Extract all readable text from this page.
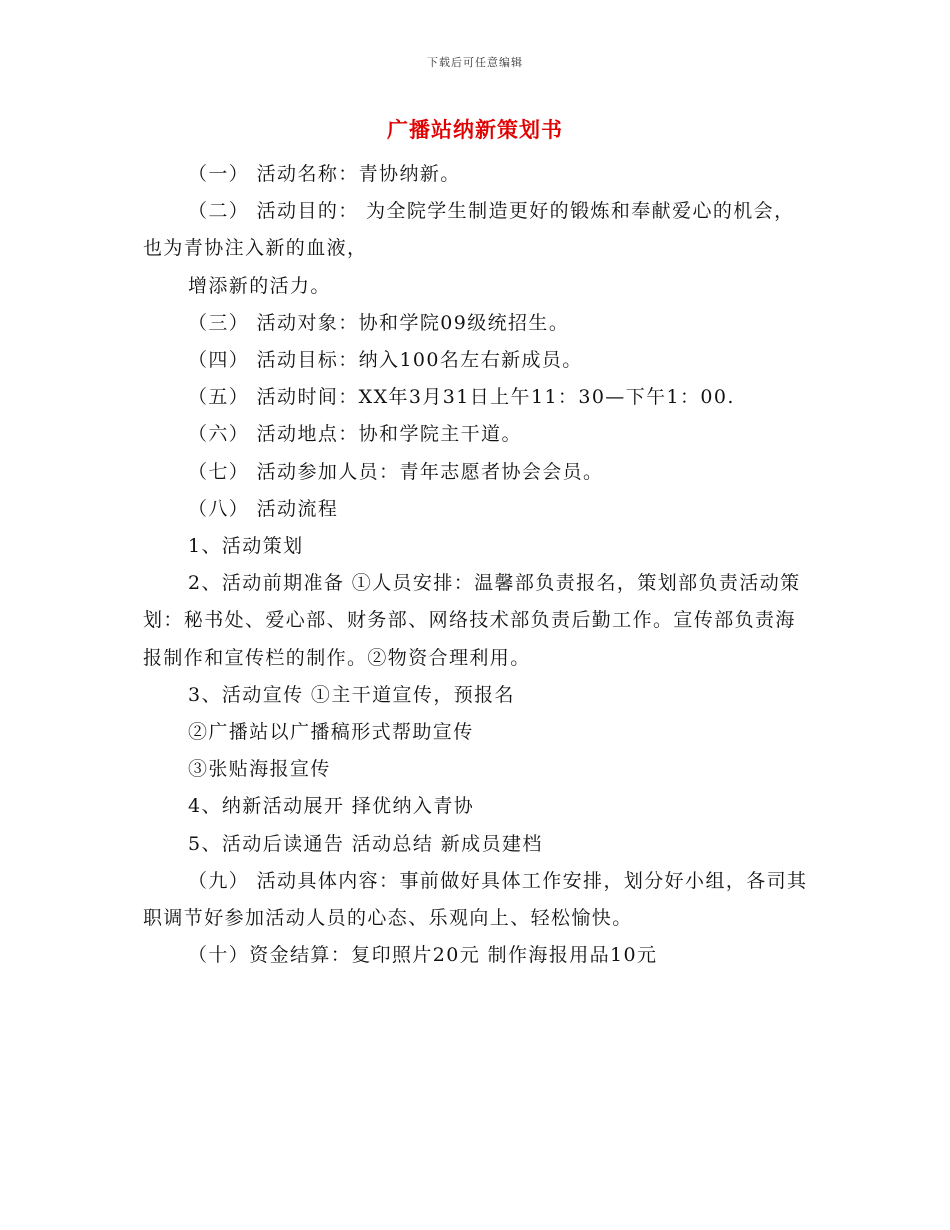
下载后可任意编辑
广播站纳新策划书

（一） 活动名称：青协纳新。

（二） 活动目的： 为全院学生制造更好的锻炼和奉献爱心的机会，也为青协注入新的血液，

增添新的活力。

（三） 活动对象：协和学院09级统招生。

（四） 活动目标：纳入100名左右新成员。

（五） 活动时间：XX年3月31日上午11：30—下午1：00.

（六） 活动地点：协和学院主干道。

（七） 活动参加人员：青年志愿者协会会员。

（八） 活动流程

1、活动策划

2、活动前期准备 ①人员安排：温馨部负责报名，策划部负责活动策划：秘书处、爱心部、财务部、网络技术部负责后勤工作。宣传部负责海报制作和宣传栏的制作。②物资合理利用。

3、活动宣传 ①主干道宣传，预报名

②广播站以广播稿形式帮助宣传

③张贴海报宣传

4、纳新活动展开 择优纳入青协

5、活动后读通告 活动总结 新成员建档

（九） 活动具体内容：事前做好具体工作安排，划分好小组，各司其职调节好参加活动人员的心态、乐观向上、轻松愉快。

（十）资金结算：复印照片20元 制作海报用品10元
